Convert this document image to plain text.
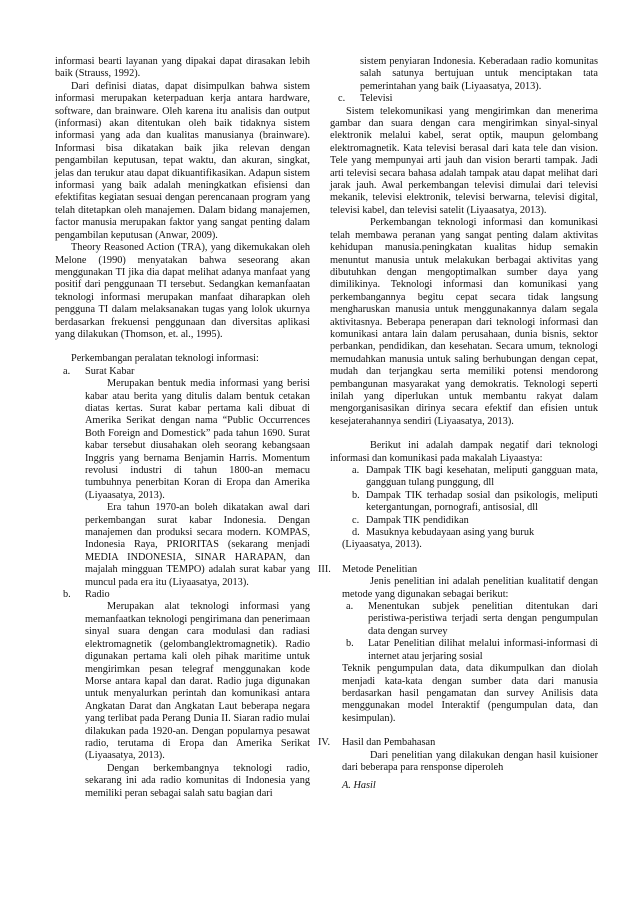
informasi bearti layanan yang dipakai dapat dirasakan lebih baik (Strauss, 1992).

Dari definisi diatas, dapat disimpulkan bahwa sistem informasi merupakan keterpaduan kerja antara hardware, software, dan brainware. Oleh karena itu analisis dan output (informasi) akan ditentukan oleh baik tidaknya sistem informasi yang ada dan kualitas manusianya (brainware). Informasi bisa dikatakan baik jika relevan dengan pengambilan keputusan, tepat waktu, dan akuran, singkat, jelas dan terukur atau dapat dikuantifikasikan. Adapun sistem informasi yang baik adalah meningkatkan efisiensi dan efektifitas kegiatan sesuai dengan perencanaan program yang telah ditetapkan oleh manajemen. Dalam bidang manajemen, factor manusia merupakan faktor yang sangat penting dalam pengambilan keputusan (Anwar, 2009).

Theory Reasoned Action (TRA), yang dikemukakan oleh Melone (1990) menyatakan bahwa seseorang akan menggunakan TI jika dia dapat melihat adanya manfaat yang positif dari penggunaan TI tersebut. Sedangkan kemanfaatan teknologi informasi merupakan manfaat diharapkan oleh pengguna TI dalam melaksanakan tugas yang lolok ukurnya berdasarkan frekuensi penggunaan dan diversitas aplikasi yang dilakukan (Thomson, et. al., 1995).

Perkembangan peralatan teknologi informasi:

a. Surat Kabar

Merupakan bentuk media informasi yang berisi kabar atau berita yang ditulis dalam bentuk cetakan diatas kertas. Surat kabar pertama kali dibuat di Amerika Serikat dengan nama “Public Occurrences Both Foreign and Domestick” pada tahun 1690. Surat kabar tersebut diusahakan oleh seorang kebangsaan Inggris yang bernama Benjamin Harris. Momentum revolusi industri di tahun 1800-an memacu tumbuhnya penerbitan Koran di Eropa dan Amerika (Liyaasatya, 2013).

Era tahun 1970-an boleh dikatakan awal dari perkembangan surat kabar Indonesia. Dengan manajemen dan produksi secara modern. KOMPAS, Indonesia Raya, PRIORITAS (sekarang menjadi MEDIA INDONESIA, SINAR HARAPAN, dan majalah mingguan TEMPO) adalah surat kabar yang muncul pada era itu (Liyaasatya, 2013).

b. Radio

Merupakan alat teknologi informasi yang memanfaatkan teknologi pengirimana dan penerimaan sinyal suara dengan cara modulasi dan radiasi elektromagnetik (gelombanglektromagnetik). Radio digunakan pertama kali oleh pihak maritime untuk mengirimkan pesan telegraf menggunakan kode Morse antara kapal dan darat. Radio juga digunakan untuk menyalurkan perintah dan komunikasi antara Angkatan Darat dan Angkatan Laut beberapa negara yang terlibat pada Perang Dunia II. Siaran radio mulai dilakukan pada 1920-an. Dengan popularnya pesawat radio, terutama di Eropa dan Amerika Serikat (Liyaasatya, 2013).

Dengan berkembangnya teknologi radio, sekarang ini ada radio komunitas di Indonesia yang memiliki peran sebagai salah satu bagian dari

sistem penyiaran Indonesia. Keberadaan radio komunitas salah satunya bertujuan untuk menciptakan tata pemerintahan yang baik (Liyaasatya, 2013).

c. Televisi

Sistem telekomunikasi yang mengirimkan dan menerima gambar dan suara dengan cara mengirimkan sinyal-sinyal elektronik melalui kabel, serat optik, maupun gelombang elektromagnetik. Kata televisi berasal dari kata tele dan vision. Tele yang mempunyai arti jauh dan vision berarti tampak. Jadi arti televisi secara bahasa adalah tampak atau dapat melihat dari jarak jauh. Awal perkembangan televisi dimulai dari televisi mekanik, televisi elektronik, televisi berwarna, televisi digital, televisi kabel, dan televisi satelit (Liyaasatya, 2013).

Perkembangan teknologi informasi dan komunikasi telah membawa peranan yang sangat penting dalam aktivitas kehidupan manusia.peningkatan kualitas hidup semakin menuntut manusia untuk melakukan berbagai aktivitas yang dibutuhkan dengan mengoptimalkan sumber daya yang dimilikinya. Teknologi informasi dan komunikasi yang perkembangannya begitu cepat secara tidak langsung mengharuskan manusia untuk menggunakannya dalam segala aktivitasnya. Beberapa penerapan dari teknologi informasi dan komunikasi antara lain dalam perusahaan, dunia bisnis, sektor perbankan, pendidikan, dan kesehatan. Secara umum, teknologi memudahkan manusia untuk saling berhubungan dengan cepat, mudah dan terjangkau serta memiliki potensi mendorong pembangunan masyarakat yang demokratis. Teknologi seperti inilah yang diperlukan untuk membantu rakyat dalam mengorganisasikan dirinya secara efektif dan efisien untuk kesejaterahannya sendiri (Liyaasatya, 2013).

Berikut ini adalah dampak negatif dari teknologi informasi dan komunikasi pada makalah Liyaastya:

a. Dampak TIK bagi kesehatan, meliputi gangguan mata, gangguan tulang punggung, dll
b. Dampak TIK terhadap sosial dan psikologis, meliputi ketergantungan, pornografi, antisosial, dll
c. Dampak TIK pendidikan
d. Masuknya kebudayaan asing yang buruk

(Liyaasatya, 2013).

III. Metode Penelitian

Jenis penelitian ini adalah penelitian kualitatif dengan metode yang digunakan sebagai berikut:

a. Menentukan subjek penelitian ditentukan dari peristiwa-peristiwa terjadi serta dengan pengumpulan data dengan survey
b. Latar Penelitian dilihat melalui informasi-informasi di internet atau jerjaring sosial

Teknik pengumpulan data, data dikumpulkan dan diolah menjadi kata-kata dengan sumber data dari manusia berdasarkan hasil pengamatan dan survey Anilisis data menggunakan model Interaktif (pengumpulan data, dan kesimpulan).

IV. Hasil dan Pembahasan

Dari penelitian yang dilakukan dengan hasil kuisioner dari beberapa para rensponse diperoleh

A. Hasil
